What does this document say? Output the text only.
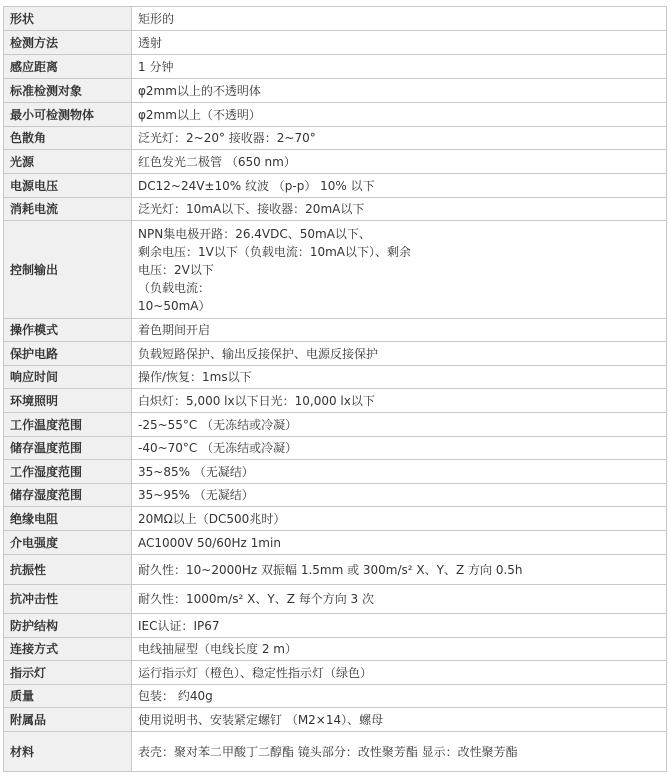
形状	矩形的
检测方法	透射
感应距离	1 分钟
标准检测对象	φ2mm以上的不透明体
最小可检测物体	φ2mm以上（不透明）
色散角	泛光灯：2~20° 接收器：2~70°
光源	红色发光二极管 （650 nm）
电源电压	DC12~24V±10% 纹波 （p-p） 10% 以下
消耗电流	泛光灯：10mA以下、接收器：20mA以下
控制输出	NPN集电极开路：26.4VDC、50mA以下、
剩余电压：1V以下（负载电流：10mA以下）、剩余
电压：2V以下
（负载电流：
10~50mA）

操作模式	着色期间开启
保护电路	负载短路保护、输出反接保护、电源反接保护
响应时间	操作/恢复：1ms以下
环境照明	白炽灯：5,000 lx以下日光：10,000 lx以下
工作温度范围	-25~55°C （无冻结或冷凝）
储存温度范围	-40~70°C （无冻结或冷凝）
工作湿度范围	35~85% （无凝结）
储存湿度范围	35~95% （无凝结）
绝缘电阻	20MΩ以上（DC500兆时）
介电强度	AC1000V 50/60Hz 1min
抗振性	耐久性：10~2000Hz 双振幅 1.5mm 或 300m/s² X、Y、Z 方向 0.5h
抗冲击性	耐久性：1000m/s² X、Y、Z 每个方向 3 次
防护结构	IEC认证：IP67
连接方式	电线抽屉型（电线长度 2 m）
指示灯	运行指示灯（橙色）、稳定性指示灯（绿色）
质量	包装： 约40g
附属品	使用说明书、安装紧定螺钉 （M2×14）、螺母
材料	表壳：聚对苯二甲酸丁二醇酯 镜头部分：改性聚芳酯 显示：改性聚芳酯
